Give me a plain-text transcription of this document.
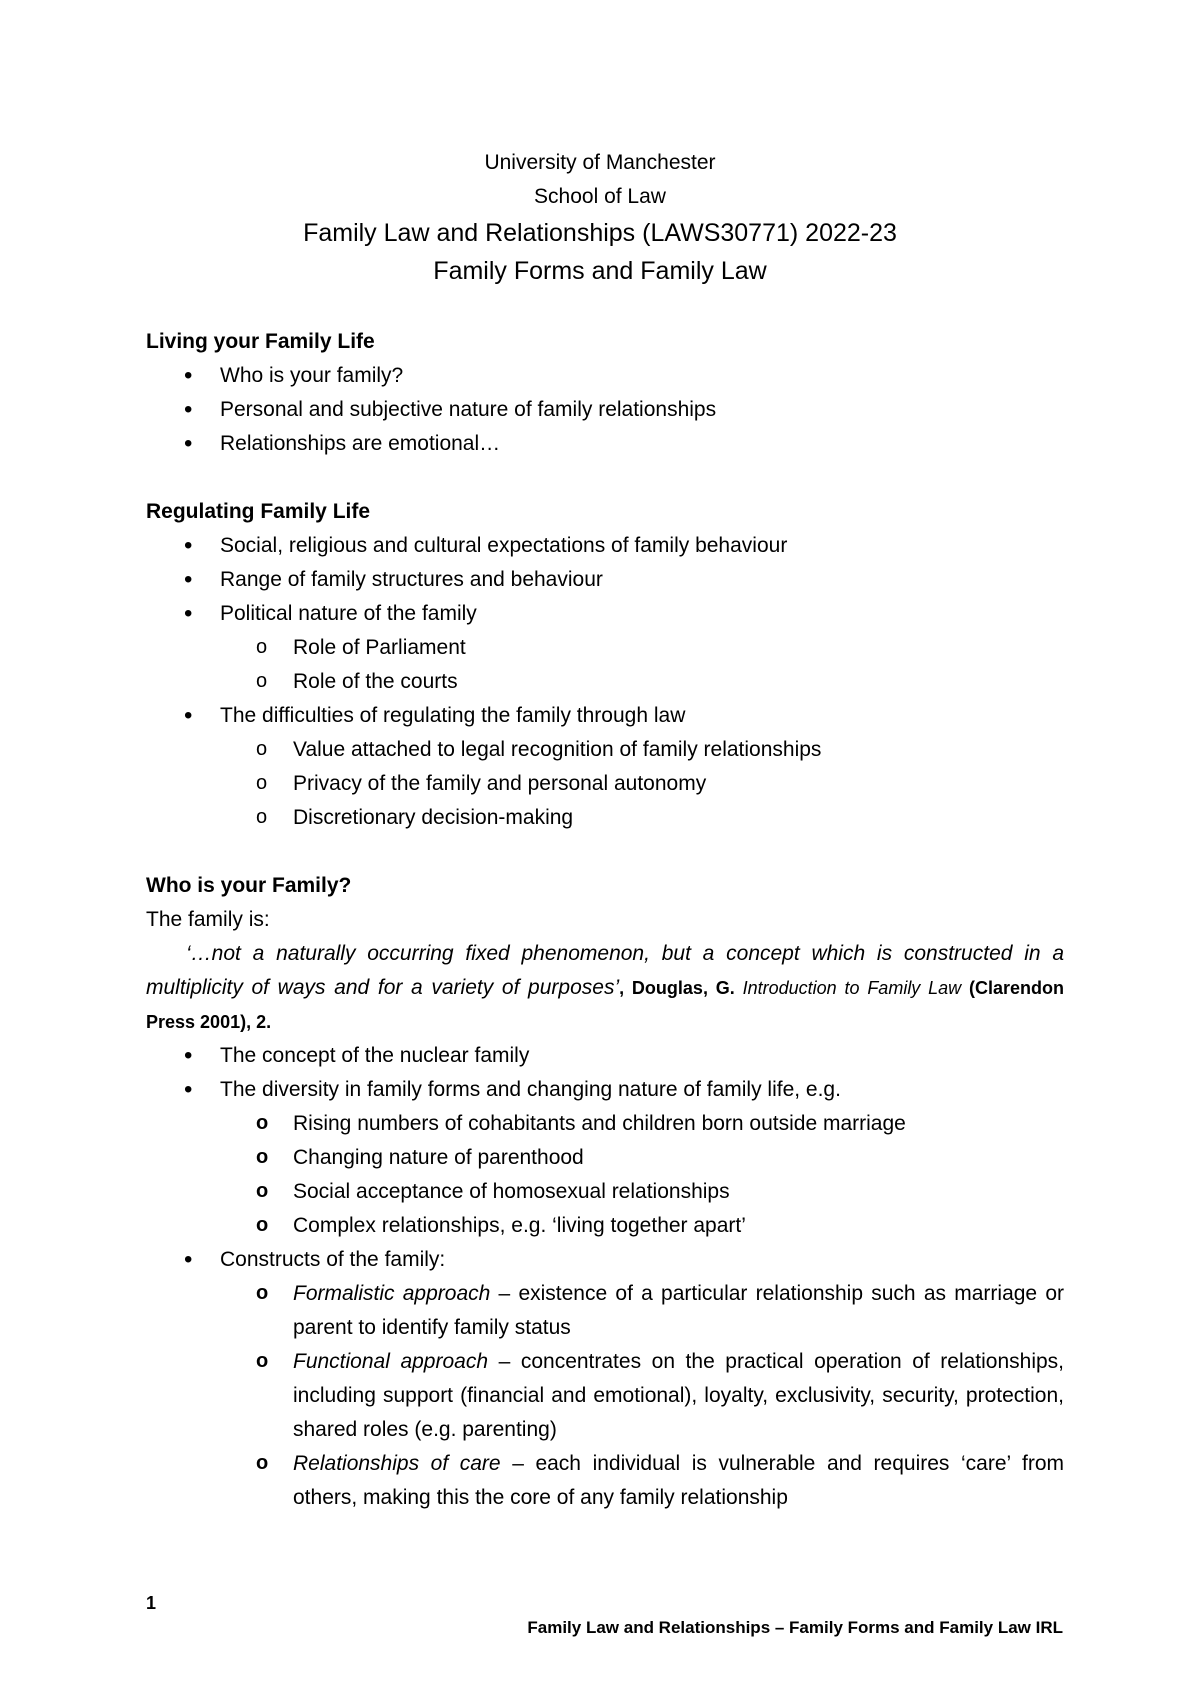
University of Manchester
School of Law
Family Law and Relationships (LAWS30771) 2022-23
Family Forms and Family Law

Living your Family Life

• Who is your family?
• Personal and subjective nature of family relationships
• Relationships are emotional…

Regulating Family Life

• Social, religious and cultural expectations of family behaviour
• Range of family structures and behaviour
• Political nature of the family
o Role of Parliament
o Role of the courts
• The difficulties of regulating the family through law
o Value attached to legal recognition of family relationships
o Privacy of the family and personal autonomy
o Discretionary decision-making

Who is your Family?

The family is:

‘…not a naturally occurring fixed phenomenon, but a concept which is constructed in a multiplicity of ways and for a variety of purposes’, Douglas, G. Introduction to Family Law (Clarendon Press 2001), 2.

• The concept of the nuclear family
• The diversity in family forms and changing nature of family life, e.g.
o Rising numbers of cohabitants and children born outside marriage
o Changing nature of parenthood
o Social acceptance of homosexual relationships
o Complex relationships, e.g. ‘living together apart’
• Constructs of the family:
o Formalistic approach – existence of a particular relationship such as marriage or parent to identify family status
o Functional approach – concentrates on the practical operation of relationships, including support (financial and emotional), loyalty, exclusivity, security, protection, shared roles (e.g. parenting)
o Relationships of care – each individual is vulnerable and requires ‘care’ from others, making this the core of any family relationship
1
Family Law and Relationships – Family Forms and Family Law IRL
